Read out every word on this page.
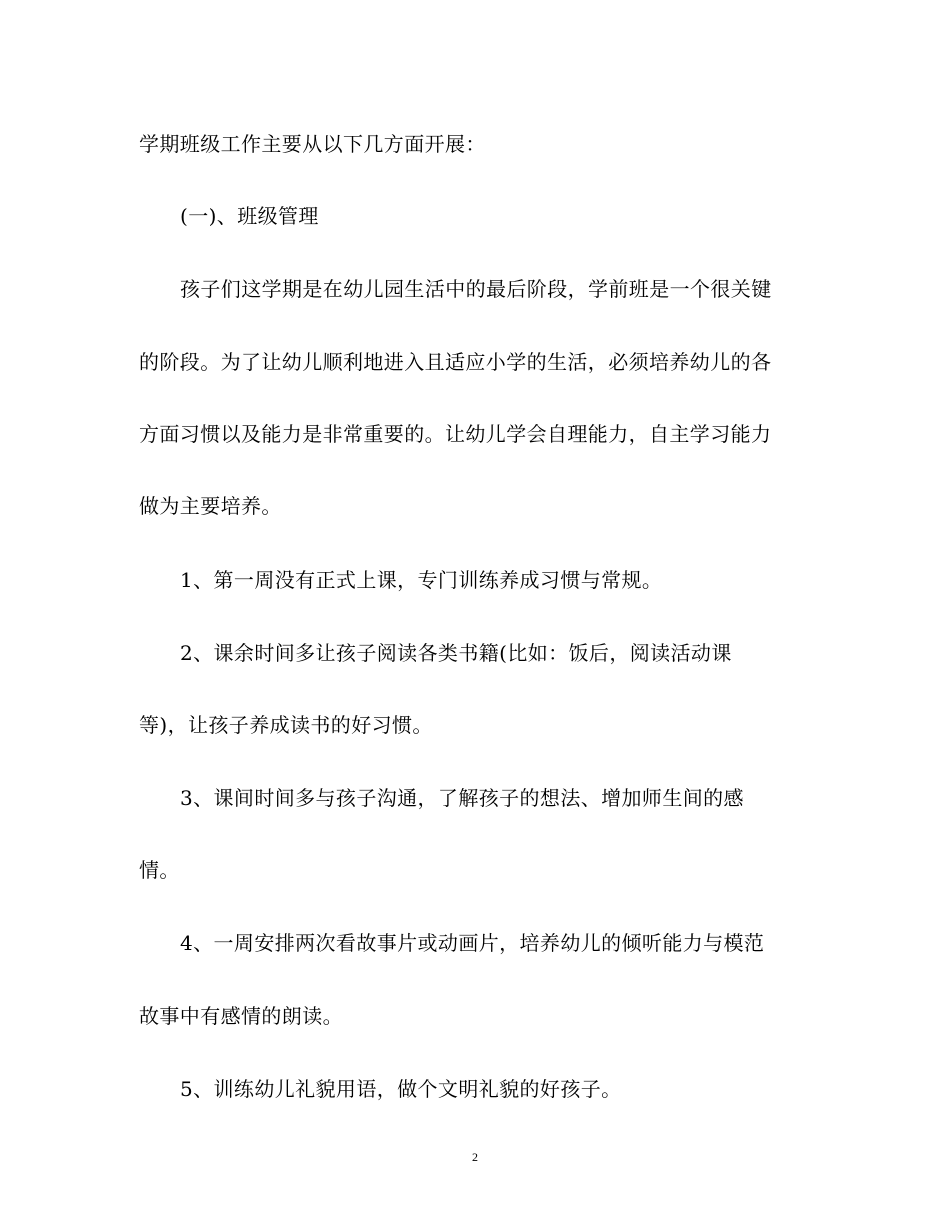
学期班级工作主要从以下几方面开展：
(一)、班级管理
孩子们这学期是在幼儿园生活中的最后阶段，学前班是一个很关键
的阶段。为了让幼儿顺利地进入且适应小学的生活，必须培养幼儿的各
方面习惯以及能力是非常重要的。让幼儿学会自理能力，自主学习能力
做为主要培养。
1、第一周没有正式上课，专门训练养成习惯与常规。
2、课余时间多让孩子阅读各类书籍(比如：饭后，阅读活动课
等)，让孩子养成读书的好习惯。
3、课间时间多与孩子沟通，了解孩子的想法、增加师生间的感
情。
4、一周安排两次看故事片或动画片，培养幼儿的倾听能力与模范
故事中有感情的朗读。
5、训练幼儿礼貌用语，做个文明礼貌的好孩子。
2
